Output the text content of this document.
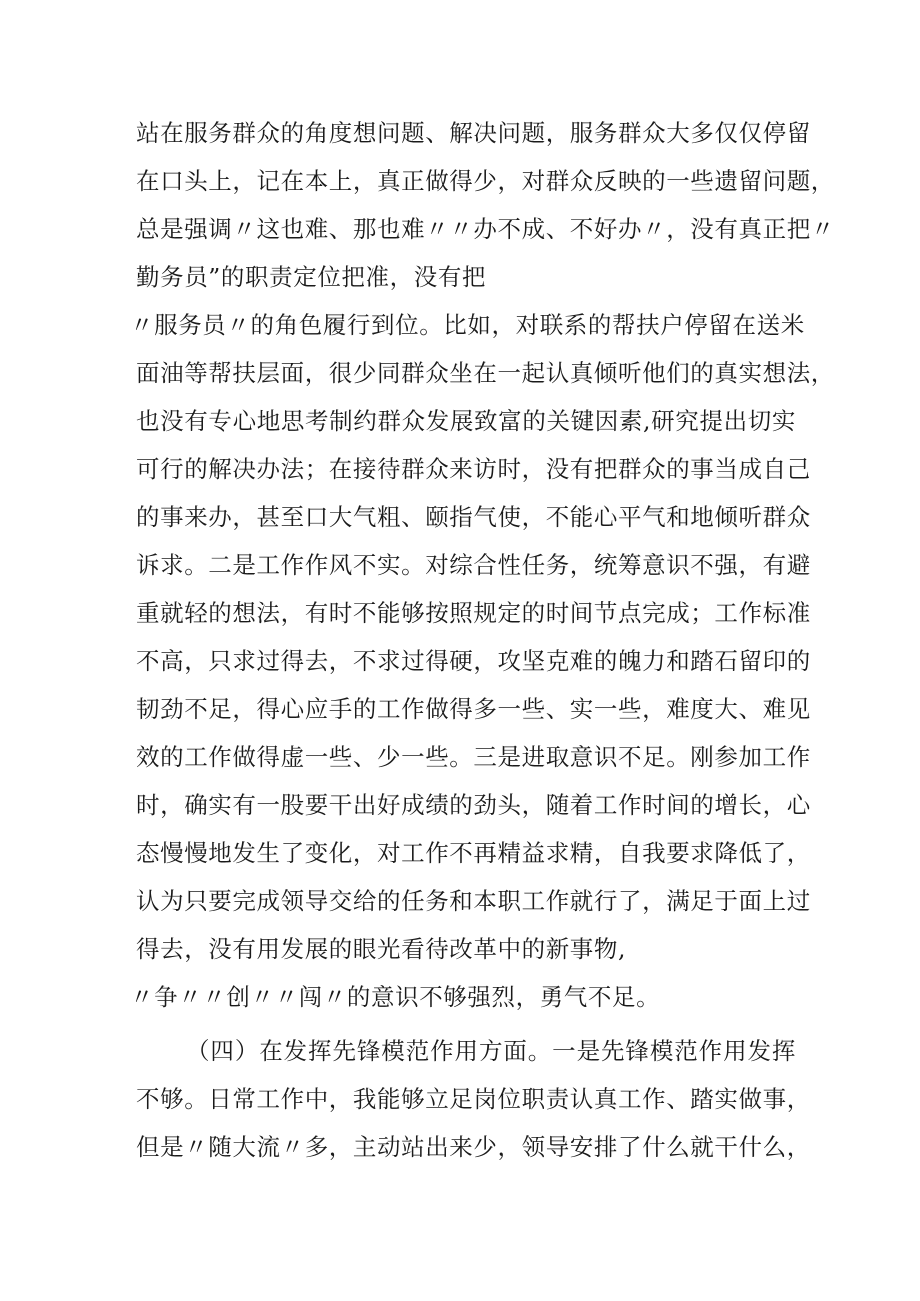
站在服务群众的角度想问题、解决问题，服务群众大多仅仅停留
在口头上，记在本上，真正做得少，对群众反映的一些遗留问题，
总是强调〃这也难、那也难〃〃办不成、不好办〃，没有真正把〃
勤务员”的职责定位把准，没有把
〃服务员〃的角色履行到位。比如，对联系的帮扶户停留在送米
面油等帮扶层面，很少同群众坐在一起认真倾听他们的真实想法，
也没有专心地思考制约群众发展致富的关键因素,研究提出切实
可行的解决办法；在接待群众来访时，没有把群众的事当成自己
的事来办，甚至口大气粗、颐指气使，不能心平气和地倾听群众
诉求。二是工作作风不实。对综合性任务，统筹意识不强，有避
重就轻的想法，有时不能够按照规定的时间节点完成；工作标准
不高，只求过得去，不求过得硬，攻坚克难的魄力和踏石留印的
韧劲不足，得心应手的工作做得多一些、实一些，难度大、难见
效的工作做得虚一些、少一些。三是进取意识不足。刚参加工作
时，确实有一股要干出好成绩的劲头，随着工作时间的增长，心
态慢慢地发生了变化，对工作不再精益求精，自我要求降低了，
认为只要完成领导交给的任务和本职工作就行了，满足于面上过
得去，没有用发展的眼光看待改革中的新事物,
〃争〃〃创〃〃闯〃的意识不够强烈，勇气不足。
（四）在发挥先锋模范作用方面。一是先锋模范作用发挥
不够。日常工作中，我能够立足岗位职责认真工作、踏实做事，
但是〃随大流〃多，主动站出来少，领导安排了什么就干什么，
